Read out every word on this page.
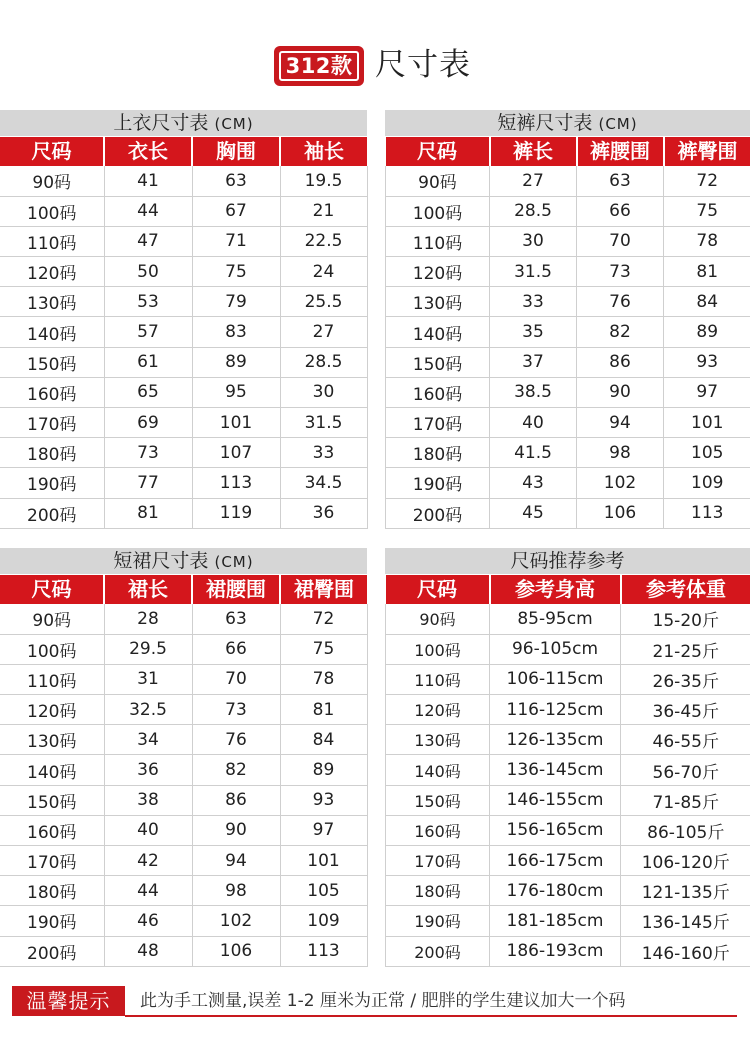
312款 尺寸表
上衣尺寸表 (CM)
尺码	衣长	胸围	袖长
90码	41	63	19.5
100码	44	67	21
110码	47	71	22.5
120码	50	75	24
130码	53	79	25.5
140码	57	83	27
150码	61	89	28.5
160码	65	95	30
170码	69	101	31.5
180码	73	107	33
190码	77	113	34.5
200码	81	119	36
短裤尺寸表 (CM)
尺码	裤长	裤腰围	裤臀围
90码	27	63	72
100码	28.5	66	75
110码	30	70	78
120码	31.5	73	81
130码	33	76	84
140码	35	82	89
150码	37	86	93
160码	38.5	90	97
170码	40	94	101
180码	41.5	98	105
190码	43	102	109
200码	45	106	113
短裙尺寸表 (CM)
尺码	裙长	裙腰围	裙臀围
90码	28	63	72
100码	29.5	66	75
110码	31	70	78
120码	32.5	73	81
130码	34	76	84
140码	36	82	89
150码	38	86	93
160码	40	90	97
170码	42	94	101
180码	44	98	105
190码	46	102	109
200码	48	106	113
尺码推荐参考
尺码	参考身高	参考体重
90码	85-95cm	15-20斤
100码	96-105cm	21-25斤
110码	106-115cm	26-35斤
120码	116-125cm	36-45斤
130码	126-135cm	46-55斤
140码	136-145cm	56-70斤
150码	146-155cm	71-85斤
160码	156-165cm	86-105斤
170码	166-175cm	106-120斤
180码	176-180cm	121-135斤
190码	181-185cm	136-145斤
200码	186-193cm	146-160斤
温馨提示	此为手工测量,误差 1-2 厘米为正常 / 肥胖的学生建议加大一个码
